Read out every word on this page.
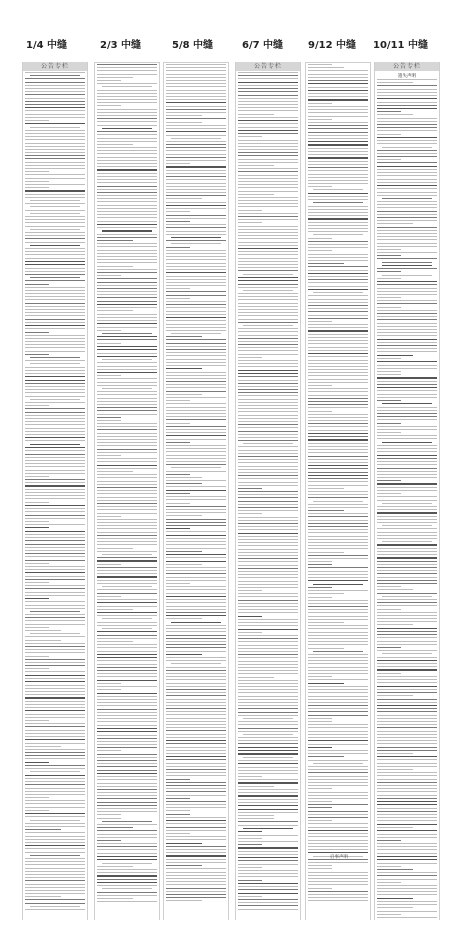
1/4 中缝	2/3 中缝	5/8 中缝	6/7 中缝 9/12 中缝 10/11 中缝
公告专栏	公告专栏
启事声明
公告专栏
遗失声明
